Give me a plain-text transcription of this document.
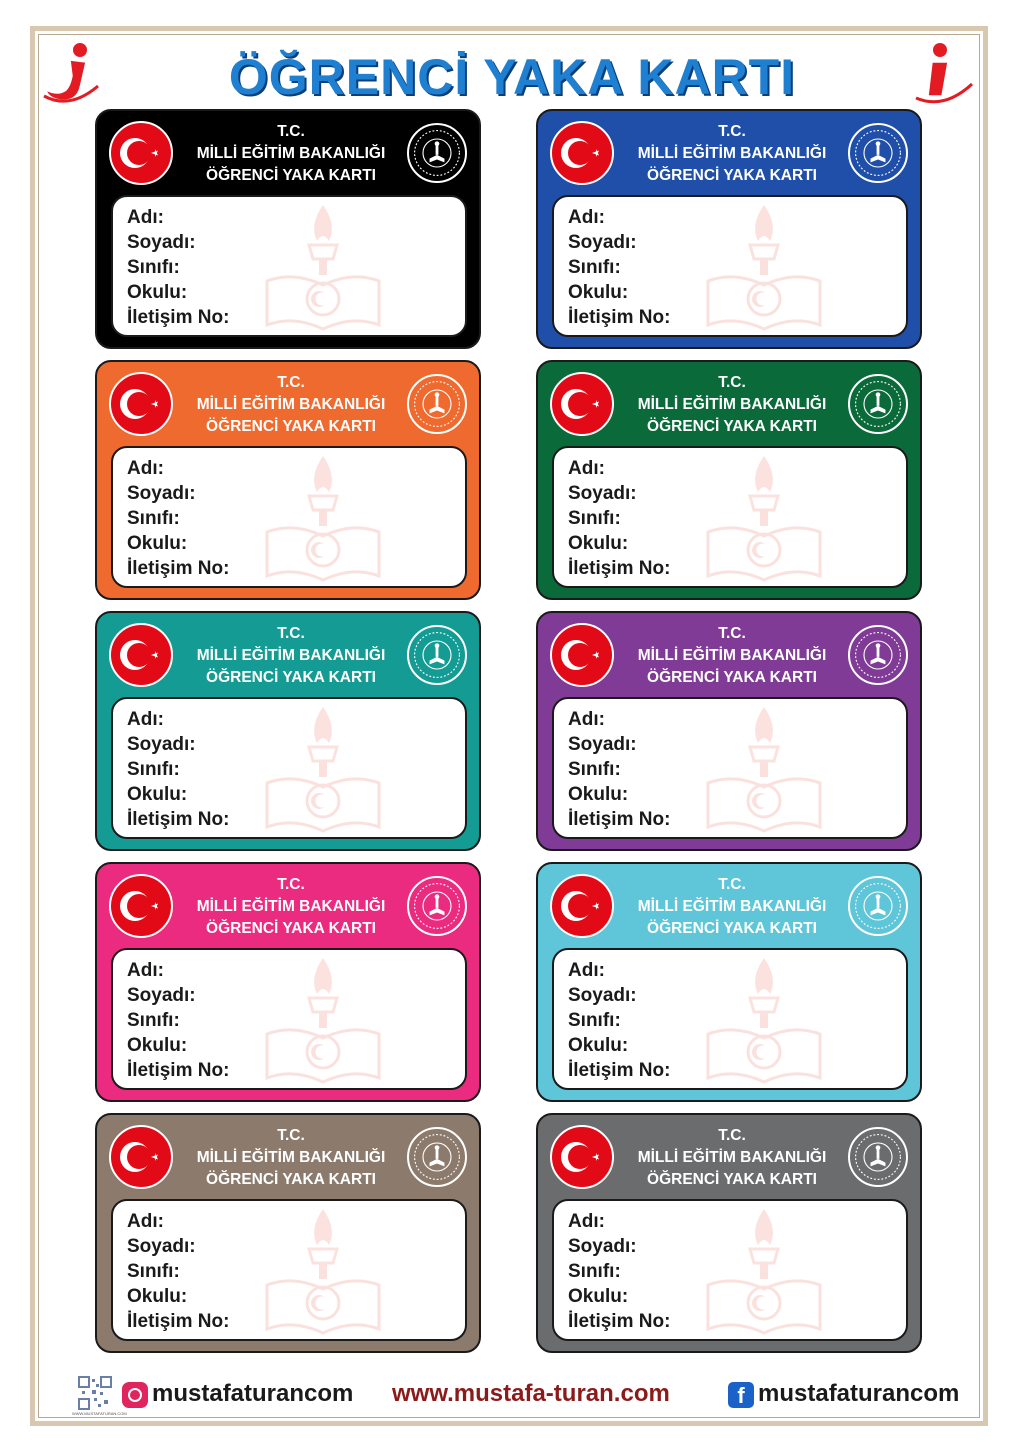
ÖĞRENCİ YAKA KARTI
T.C.
MİLLİ EĞİTİM BAKANLIĞI
ÖĞRENCİ YAKA KARTI
Adı:
Soyadı:
Sınıfı:
Okulu:
İletişim No:
T.C.
MİLLİ EĞİTİM BAKANLIĞI
ÖĞRENCİ YAKA KARTI
Adı:
Soyadı:
Sınıfı:
Okulu:
İletişim No:
T.C.
MİLLİ EĞİTİM BAKANLIĞI
ÖĞRENCİ YAKA KARTI
Adı:
Soyadı:
Sınıfı:
Okulu:
İletişim No:
T.C.
MİLLİ EĞİTİM BAKANLIĞI
ÖĞRENCİ YAKA KARTI
Adı:
Soyadı:
Sınıfı:
Okulu:
İletişim No:
T.C.
MİLLİ EĞİTİM BAKANLIĞI
ÖĞRENCİ YAKA KARTI
Adı:
Soyadı:
Sınıfı:
Okulu:
İletişim No:
T.C.
MİLLİ EĞİTİM BAKANLIĞI
ÖĞRENCİ YAKA KARTI
Adı:
Soyadı:
Sınıfı:
Okulu:
İletişim No:
T.C.
MİLLİ EĞİTİM BAKANLIĞI
ÖĞRENCİ YAKA KARTI
Adı:
Soyadı:
Sınıfı:
Okulu:
İletişim No:
T.C.
MİLLİ EĞİTİM BAKANLIĞI
ÖĞRENCİ YAKA KARTI
Adı:
Soyadı:
Sınıfı:
Okulu:
İletişim No:
T.C.
MİLLİ EĞİTİM BAKANLIĞI
ÖĞRENCİ YAKA KARTI
Adı:
Soyadı:
Sınıfı:
Okulu:
İletişim No:
T.C.
MİLLİ EĞİTİM BAKANLIĞI
ÖĞRENCİ YAKA KARTI
Adı:
Soyadı:
Sınıfı:
Okulu:
İletişim No:
WWW.MUSTAFATURAN.COM
mustafaturancom www.mustafa-turan.com	f mustafaturancom
